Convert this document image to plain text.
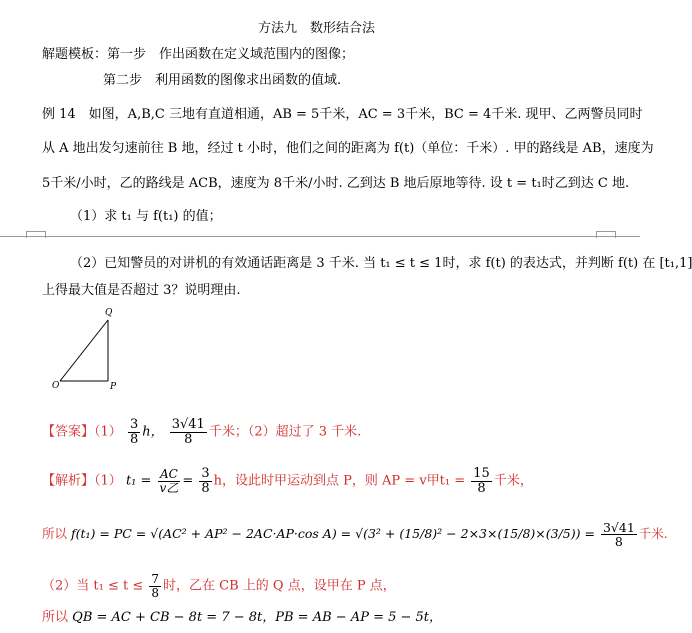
方法九　数形结合法
解题模板：第一步　作出函数在定义域范围内的图像；
第二步　利用函数的图像求出函数的值域.
例 14　如图，A,B,C 三地有直道相通，AB = 5千米，AC = 3千米，BC = 4千米. 现甲、乙两警员同时
从 A 地出发匀速前往 B 地，经过 t 小时，他们之间的距离为 f(t)（单位：千米）. 甲的路线是 AB，速度为
5千米/小时，乙的路线是 ACB，速度为 8千米/小时. 乙到达 B 地后原地等待. 设 t = t₁时乙到达 C 地.
（1）求 t₁ 与 f(t₁) 的值；
（2）已知警员的对讲机的有效通话距离是 3 千米. 当 t₁ ≤ t ≤ 1时，求 f(t) 的表达式，并判断 f(t) 在 [t₁,1]
上得最大值是否超过 3？说明理由.
Q
O	P
【答案】$(1) \frac{3}{8}$ h， $\frac{3√41}{8}$ 千米；（2）超过了 3 千米.
【解析】（1） $t_1 = \frac{AC}{\text{v乙}} = \frac{3}{8}$ h，设此时甲运动到点 P，则 AP = v甲$t_1 = \frac{15}{8}$ 千米，
所以 f(t₁) = PC = √(AC² + AP² − 2AC·AP·cos $A) = √(3^2 + (15/8)^2 - 2\times 3\times(15/8)\times(3/5)) = \frac{3√41}{8}$ 千米.
（2）当 $t_1 \le t \le \frac{7}{8}$ 时，乙在 CB 上的 Q 点，设甲在 P 点，
所以 QB = AC + CB − 8t = 7 − 8t，PB = AB − AP = 5 − 5t，
